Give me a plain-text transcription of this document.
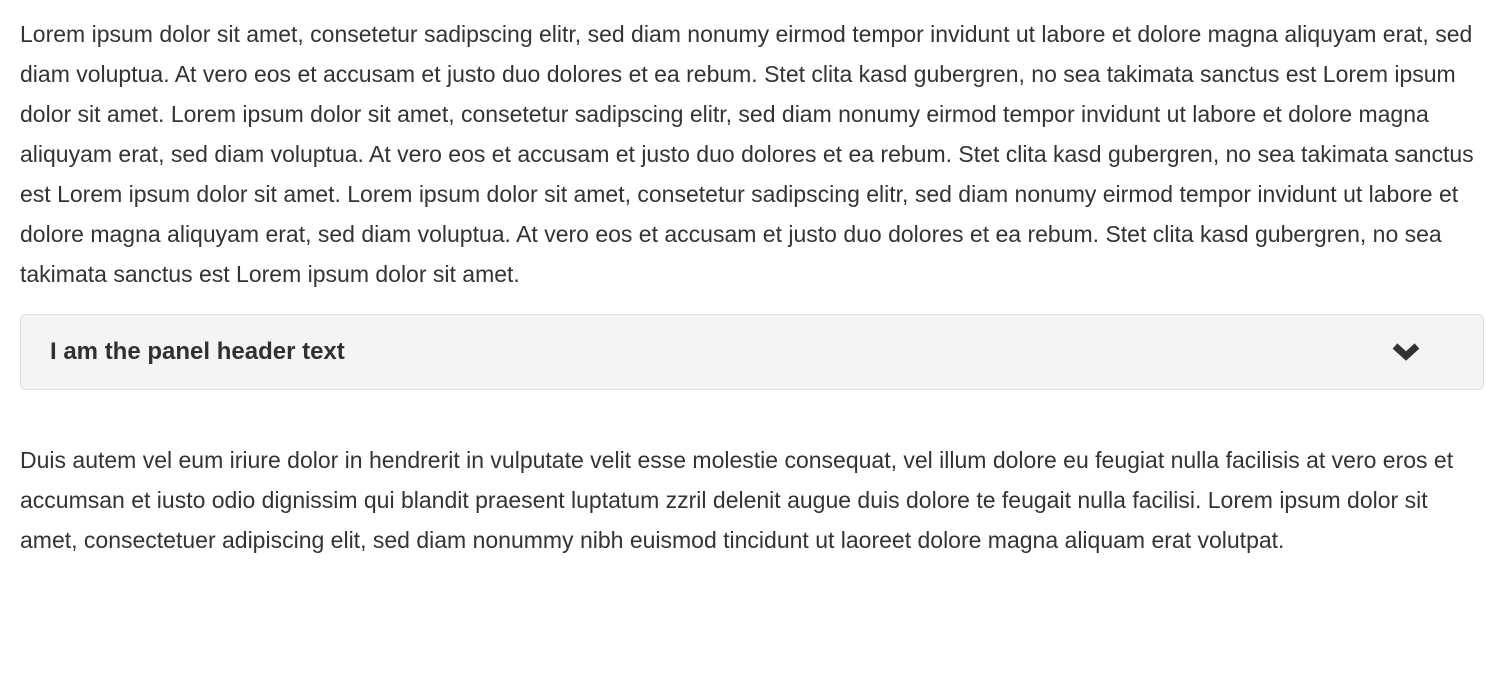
Lorem ipsum dolor sit amet, consetetur sadipscing elitr, sed diam nonumy eirmod tempor invidunt ut labore et dolore magna aliquyam erat, sed diam voluptua. At vero eos et accusam et justo duo dolores et ea rebum. Stet clita kasd gubergren, no sea takimata sanctus est Lorem ipsum dolor sit amet. Lorem ipsum dolor sit amet, consetetur sadipscing elitr, sed diam nonumy eirmod tempor invidunt ut labore et dolore magna aliquyam erat, sed diam voluptua. At vero eos et accusam et justo duo dolores et ea rebum. Stet clita kasd gubergren, no sea takimata sanctus est Lorem ipsum dolor sit amet. Lorem ipsum dolor sit amet, consetetur sadipscing elitr, sed diam nonumy eirmod tempor invidunt ut labore et dolore magna aliquyam erat, sed diam voluptua. At vero eos et accusam et justo duo dolores et ea rebum. Stet clita kasd gubergren, no sea takimata sanctus est Lorem ipsum dolor sit amet.

I am the panel header text

Duis autem vel eum iriure dolor in hendrerit in vulputate velit esse molestie consequat, vel illum dolore eu feugiat nulla facilisis at vero eros et accumsan et iusto odio dignissim qui blandit praesent luptatum zzril delenit augue duis dolore te feugait nulla facilisi. Lorem ipsum dolor sit amet, consectetuer adipiscing elit, sed diam nonummy nibh euismod tincidunt ut laoreet dolore magna aliquam erat volutpat.
